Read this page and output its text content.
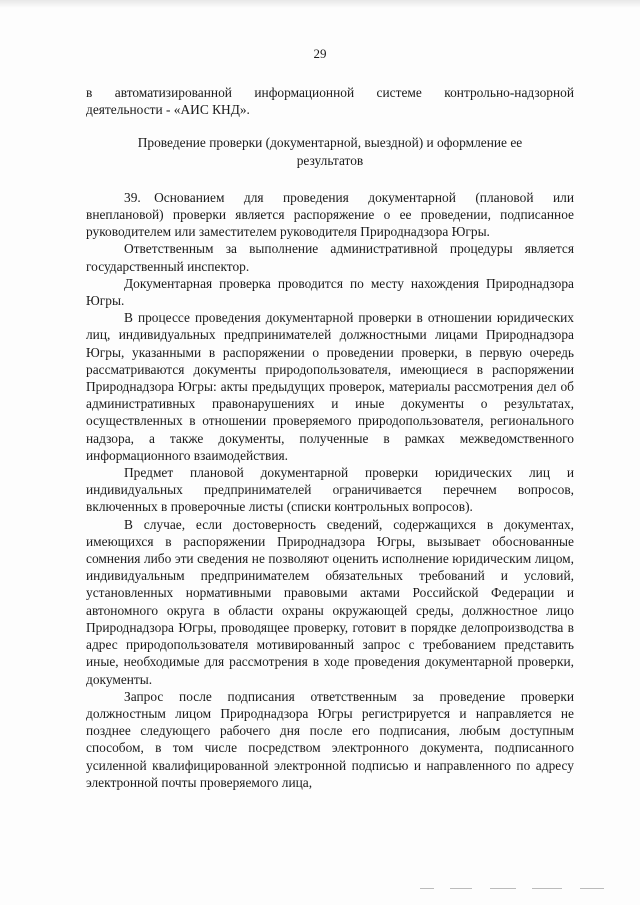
29

в автоматизированной информационной системе контрольно-надзорной деятельности - «АИС КНД».

Проведение проверки (документарной, выездной) и оформление ее результатов

39. Основанием для проведения документарной (плановой или внеплановой) проверки является распоряжение о ее проведении, подписанное руководителем или заместителем руководителя Природнадзора Югры.

Ответственным за выполнение административной процедуры является государственный инспектор.

Документарная проверка проводится по месту нахождения Природнадзора Югры.

В процессе проведения документарной проверки в отношении юридических лиц, индивидуальных предпринимателей должностными лицами Природнадзора Югры, указанными в распоряжении о проведении проверки, в первую очередь рассматриваются документы природопользователя, имеющиеся в распоряжении Природнадзора Югры: акты предыдущих проверок, материалы рассмотрения дел об административных правонарушениях и иные документы о результатах, осуществленных в отношении проверяемого природопользователя, регионального надзора, а также документы, полученные в рамках межведомственного информационного взаимодействия.

Предмет плановой документарной проверки юридических лиц и индивидуальных предпринимателей ограничивается перечнем вопросов, включенных в проверочные листы (списки контрольных вопросов).

В случае, если достоверность сведений, содержащихся в документах, имеющихся в распоряжении Природнадзора Югры, вызывает обоснованные сомнения либо эти сведения не позволяют оценить исполнение юридическим лицом, индивидуальным предпринимателем обязательных требований и условий, установленных нормативными правовыми актами Российской Федерации и автономного округа в области охраны окружающей среды, должностное лицо Природнадзора Югры, проводящее проверку, готовит в порядке делопроизводства в адрес природопользователя мотивированный запрос с требованием представить иные, необходимые для рассмотрения в ходе проведения документарной проверки, документы.

Запрос после подписания ответственным за проведение проверки должностным лицом Природнадзора Югры регистрируется и направляется не позднее следующего рабочего дня после его подписания, любым доступным способом, в том числе посредством электронного документа, подписанного усиленной квалифицированной электронной подписью и направленного по адресу электронной почты проверяемого лица,
